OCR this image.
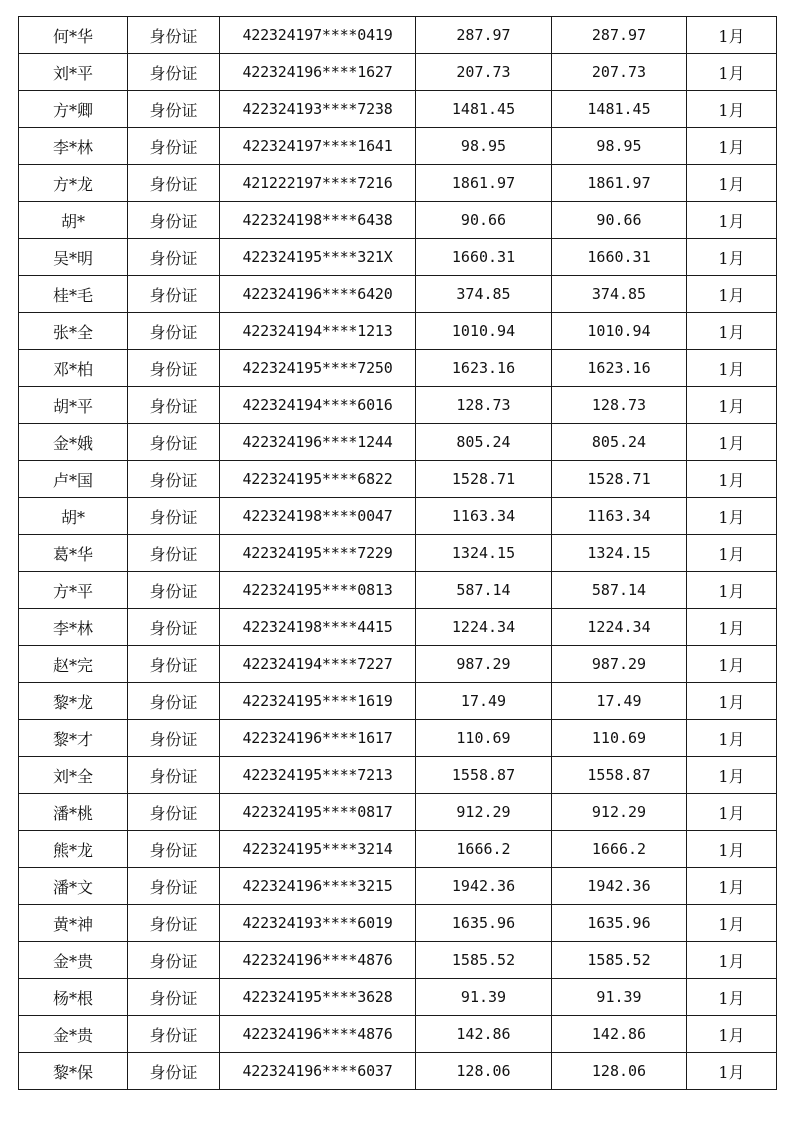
何*华	身份证	422324197****0419	287.97	287.97	1月
刘*平	身份证	422324196****1627	207.73	207.73	1月
方*卿	身份证	422324193****7238	1481.45	1481.45	1月
李*林	身份证	422324197****1641	98.95	98.95	1月
方*龙	身份证	421222197****7216	1861.97	1861.97	1月
胡*	身份证	422324198****6438	90.66	90.66	1月
吴*明	身份证	422324195****321X	1660.31	1660.31	1月
桂*毛	身份证	422324196****6420	374.85	374.85	1月
张*全	身份证	422324194****1213	1010.94	1010.94	1月
邓*柏	身份证	422324195****7250	1623.16	1623.16	1月
胡*平	身份证	422324194****6016	128.73	128.73	1月
金*娥	身份证	422324196****1244	805.24	805.24	1月
卢*国	身份证	422324195****6822	1528.71	1528.71	1月
胡*	身份证	422324198****0047	1163.34	1163.34	1月
葛*华	身份证	422324195****7229	1324.15	1324.15	1月
方*平	身份证	422324195****0813	587.14	587.14	1月
李*林	身份证	422324198****4415	1224.34	1224.34	1月
赵*完	身份证	422324194****7227	987.29	987.29	1月
黎*龙	身份证	422324195****1619	17.49	17.49	1月
黎*才	身份证	422324196****1617	110.69	110.69	1月
刘*全	身份证	422324195****7213	1558.87	1558.87	1月
潘*桃	身份证	422324195****0817	912.29	912.29	1月
熊*龙	身份证	422324195****3214	1666.2	1666.2	1月
潘*文	身份证	422324196****3215	1942.36	1942.36	1月
黄*神	身份证	422324193****6019	1635.96	1635.96	1月
金*贵	身份证	422324196****4876	1585.52	1585.52	1月
杨*根	身份证	422324195****3628	91.39	91.39	1月
金*贵	身份证	422324196****4876	142.86	142.86	1月
黎*保	身份证	422324196****6037	128.06	128.06	1月
